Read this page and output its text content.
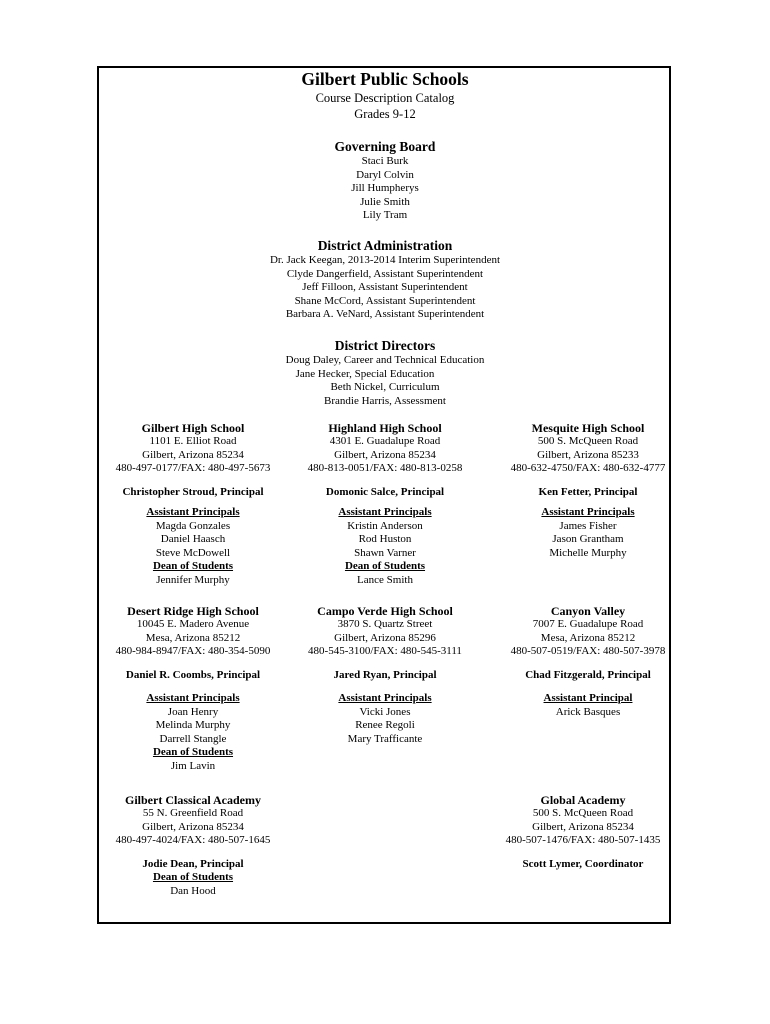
Gilbert Public Schools
Course Description Catalog
Grades 9-12
Governing Board
Staci Burk
Daryl Colvin
Jill Humpherys
Julie Smith
Lily Tram
District Administration
Dr. Jack Keegan, 2013-2014 Interim Superintendent
Clyde Dangerfield, Assistant Superintendent
Jeff Filloon, Assistant Superintendent
Shane McCord, Assistant Superintendent
Barbara A. VeNard, Assistant Superintendent
District Directors
Doug Daley, Career and Technical Education
Jane Hecker, Special Education
Beth Nickel, Curriculum
Brandie Harris, Assessment
Gilbert High School
1101 E. Elliot Road
Gilbert, Arizona 85234
480-497-0177/FAX: 480-497-5673
Christopher Stroud, Principal
Assistant Principals
Magda Gonzales
Daniel Haasch
Steve McDowell
Dean of Students
Jennifer Murphy
Highland High School
4301 E. Guadalupe Road
Gilbert, Arizona 85234
480-813-0051/FAX: 480-813-0258
Domonic Salce, Principal
Assistant Principals
Kristin Anderson
Rod Huston
Shawn Varner
Dean of Students
Lance Smith
Mesquite High School
500 S. McQueen Road
Gilbert, Arizona 85233
480-632-4750/FAX: 480-632-4777
Ken Fetter, Principal
Assistant Principals
James Fisher
Jason Grantham
Michelle Murphy
Desert Ridge High School
10045 E. Madero Avenue
Mesa, Arizona 85212
480-984-8947/FAX: 480-354-5090
Daniel R. Coombs, Principal
Assistant Principals
Joan Henry
Melinda Murphy
Darrell Stangle
Dean of Students
Jim Lavin
Campo Verde High School
3870 S. Quartz Street
Gilbert, Arizona 85296
480-545-3100/FAX: 480-545-3111
Jared Ryan, Principal
Assistant Principals
Vicki Jones
Renee Regoli
Mary Trafficante
Canyon Valley
7007 E. Guadalupe Road
Mesa, Arizona 85212
480-507-0519/FAX: 480-507-3978
Chad Fitzgerald, Principal
Assistant Principal
Arick Basques
Gilbert Classical Academy
55 N. Greenfield Road
Gilbert, Arizona 85234
480-497-4024/FAX: 480-507-1645
Jodie Dean, Principal
Dean of Students
Dan Hood
Global Academy
500 S. McQueen Road
Gilbert, Arizona 85234
480-507-1476/FAX: 480-507-1435
Scott Lymer, Coordinator
